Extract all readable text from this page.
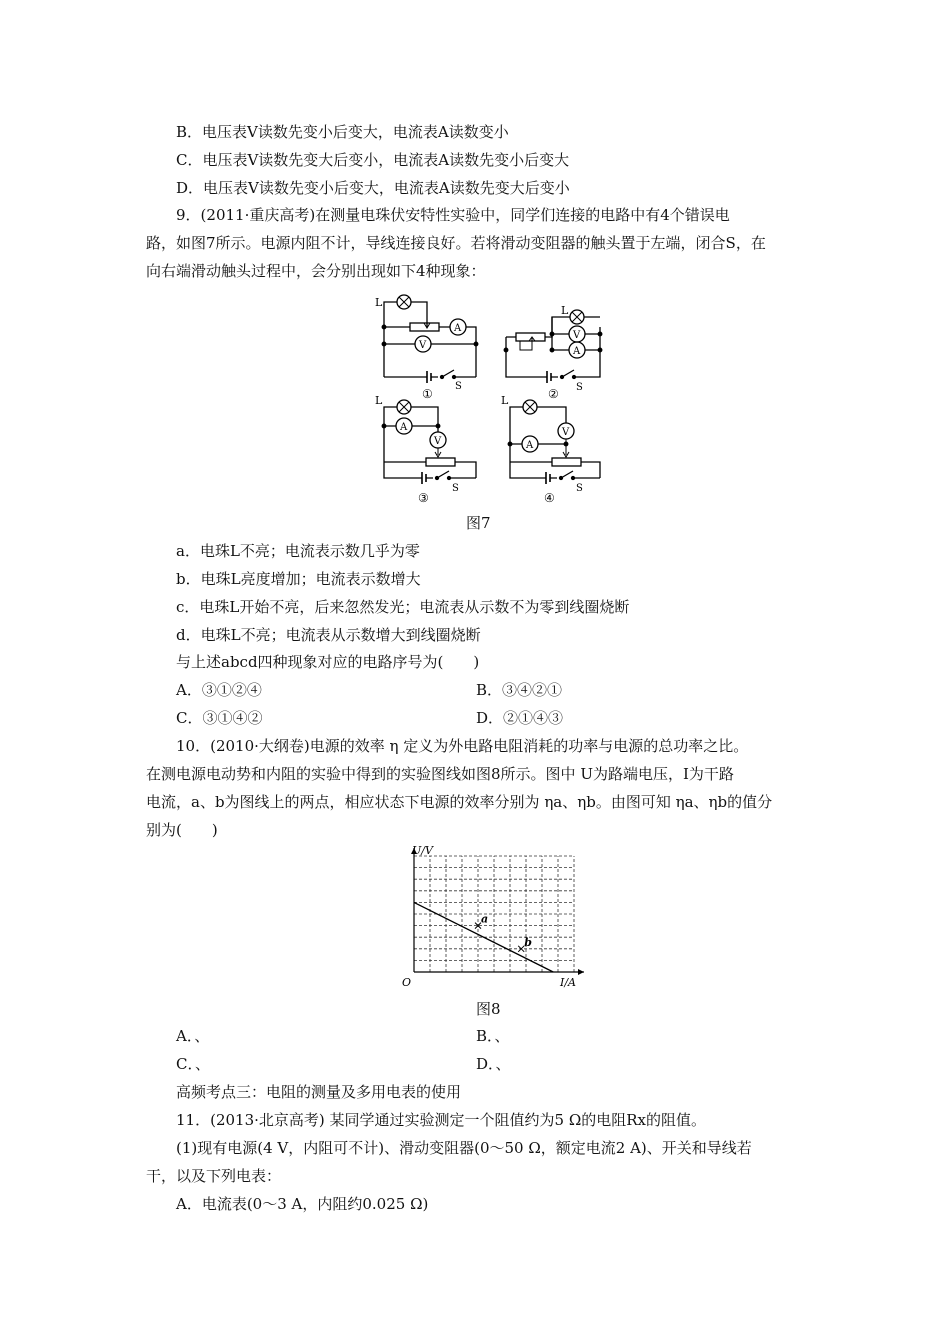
B．电压表V读数先变小后变大，电流表A读数变小
C．电压表V读数先变大后变小，电流表A读数先变小后变大
D．电压表V读数先变小后变大，电流表A读数先变大后变小
9．(2011·重庆高考)在测量电珠伏安特性实验中，同学们连接的电路中有4个错误电
路，如图7所示。电源内阻不计，导线连接良好。若将滑动变阻器的触头置于左端，闭合S，在
向右端滑动触头过程中，会分别出现如下4种现象：
L
A
V
S
①
L
V
A
S
②
L
A
V
S
③
L
A
V
S
④
图7
a．电珠L不亮；电流表示数几乎为零
b．电珠L亮度增加；电流表示数增大
c．电珠L开始不亮，后来忽然发光；电流表从示数不为零到线圈烧断
d．电珠L不亮；电流表从示数增大到线圈烧断
与上述abcd四种现象对应的电路序号为(　　)
A．③①②④	B．③④②①
C．③①④②	D．②①④③
10．(2010·大纲卷)电源的效率 η 定义为外电路电阻消耗的功率与电源的总功率之比。
在测电源电动势和内阻的实验中得到的实验图线如图8所示。图中 U为路端电压，I为干路
电流，a、b为图线上的两点，相应状态下电源的效率分别为 ηa、ηb。由图可知 ηa、ηb的值分
别为(　　)
a
b
U/V
I/A
O
图8
A．、	B．、
C．、	D．、
高频考点三：电阻的测量及多用电表的使用
11．(2013·北京高考) 某同学通过实验测定一个阻值约为5 Ω的电阻Rx的阻值。
(1)现有电源(4 V，内阻可不计)、滑动变阻器(0～50 Ω，额定电流2 A)、开关和导线若
干，以及下列电表：
A．电流表(0～3 A，内阻约0.025 Ω)
